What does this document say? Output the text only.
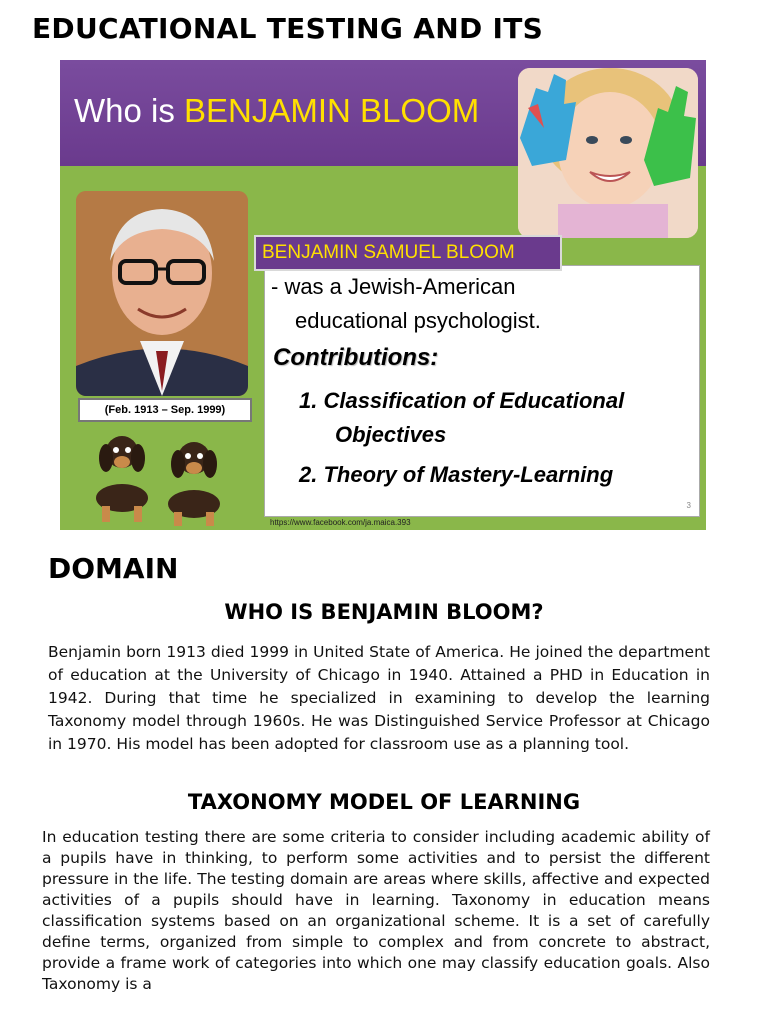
EDUCATIONAL TESTING AND ITS
Who is BENJAMIN BLOOM
(Feb. 1913 – Sep. 1999)
- was a Jewish-American
educational psychologist.
Contributions:
1. Classification of Educational
Objectives
2. Theory of Mastery-Learning
3
BENJAMIN SAMUEL BLOOM
https://www.facebook.com/ja.maica.393
DOMAIN
WHO IS BENJAMIN BLOOM?

Benjamin born 1913 died 1999 in United State of America. He joined the department of education at the University of Chicago in 1940. Attained a PHD in Education in 1942. During that time he specialized in examining to develop the learning Taxonomy model through 1960s. He was Distinguished Service Professor at Chicago in 1970. His model has been adopted for classroom use as a planning tool.

TAXONOMY MODEL OF LEARNING

In education testing there are some criteria to consider including academic ability of a pupils have in thinking, to perform some activities and to persist the different pressure in the life. The testing domain are areas where skills, affective and expected activities of a pupils should have in learning. Taxonomy in education means classification systems based on an organizational scheme. It is a set of carefully define terms, organized from simple to complex and from concrete to abstract, provide a frame work of categories into which one may classify education goals. Also Taxonomy is a
